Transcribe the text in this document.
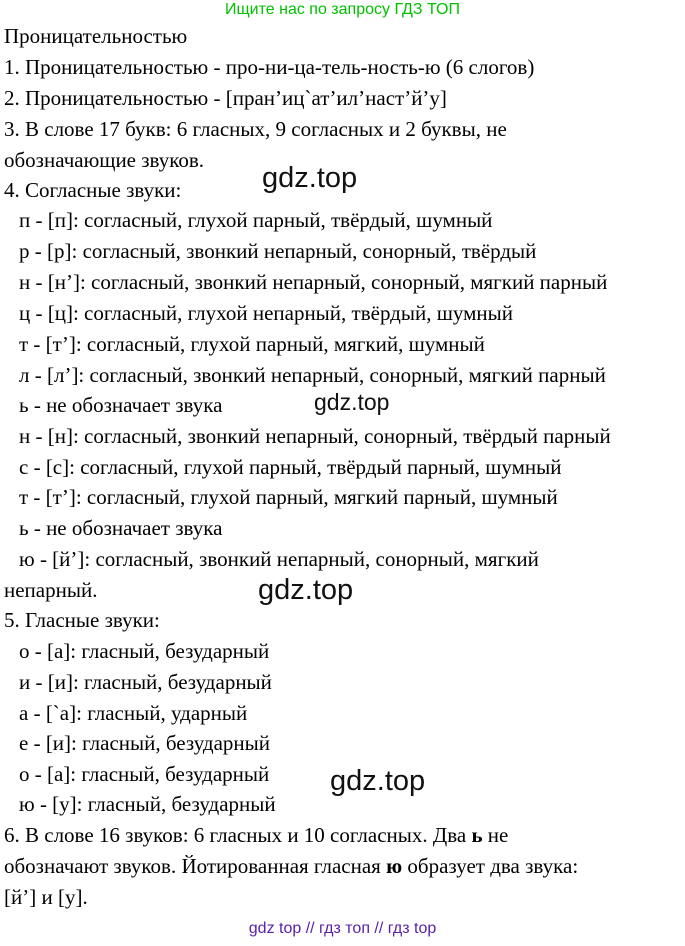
Ищите нас по запросу ГДЗ ТОП
Проницательностью
1. Проницательностью - про-ни-ца-тель-ность-ю (6 слогов)
2. Проницательностью - [пран’иц`ат’ил’наст’й’у]
3. В слове 17 букв: 6 гласных, 9 согласных и 2 буквы, не
обозначающие звуков.
4. Согласные звуки:
п - [п]: согласный, глухой парный, твёрдый, шумный
р - [р]: согласный, звонкий непарный, сонорный, твёрдый
н - [н’]: согласный, звонкий непарный, сонорный, мягкий парный
ц - [ц]: согласный, глухой непарный, твёрдый, шумный
т - [т’]: согласный, глухой парный, мягкий, шумный
л - [л’]: согласный, звонкий непарный, сонорный, мягкий парный
ь - не обозначает звука
н - [н]: согласный, звонкий непарный, сонорный, твёрдый парный
с - [с]: согласный, глухой парный, твёрдый парный, шумный
т - [т’]: согласный, глухой парный, мягкий парный, шумный
ь - не обозначает звука
ю - [й’]: согласный, звонкий непарный, сонорный, мягкий
непарный.
5. Гласные звуки:
о - [а]: гласный, безударный
и - [и]: гласный, безударный
а - [`а]: гласный, ударный
е - [и]: гласный, безударный
о - [а]: гласный, безударный
ю - [у]: гласный, безударный
6. В слове 16 звуков: 6 гласных и 10 согласных. Два ь не
обозначают звуков. Йотированная гласная ю образует два звука:
[й’] и [у].
gdz.top
gdz.top
gdz.top
gdz.top
gdz top // гдз топ // гдз top
